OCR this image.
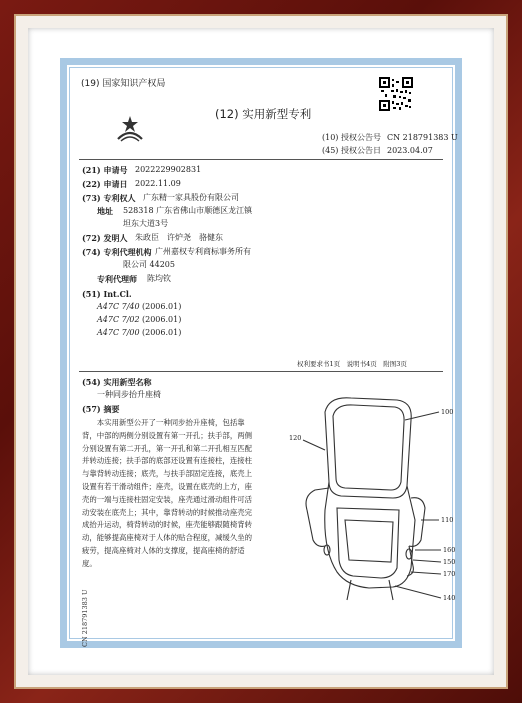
(19) 国家知识产权局
(12) 实用新型专利
(10) 授权公告号 CN 218791383 U
(45) 授权公告日 2023.04.07
(21) 申请号 2022229902831
(22) 申请日 2022.11.09
(73) 专利权人 广东精一家具股份有限公司
地址 528318 广东省佛山市顺德区龙江镇
坦东大道3号
(72) 发明人 朱政臣　许炉尧　骆健东
(74) 专利代理机构 广州嘉权专利商标事务所有
限公司 44205
专利代理师 陈均钦
(51) Int.Cl.
A47C 7/40 (2006.01)
A47C 7/02 (2006.01)
A47C 7/00 (2006.01)
权利要求书1页　说明书4页　附图3页
(54) 实用新型名称
一种同步抬升座椅
(57) 摘要
本实用新型公开了一种同步抬升座椅，包括靠背，中部的两侧分别设置有第一开孔；扶手部，两侧分别设置有第二开孔，第一开孔和第二开孔相互匹配并转动连接；扶手部的底部还设置有连接柱，连接柱与靠背转动连接；底壳，与扶手部固定连接，底壳上设置有若干滑动组件；座壳，设置在底壳的上方，座壳的一端与连接柱固定安装，座壳通过滑动组件可活动安装在底壳上；其中，靠背转动的时候推动座壳完成抬升运动，椅背转动的时候，座壳能够跟随椅背转动，能够提高座椅对于人体的贴合程度，减缓久坐的疲劳，提高座椅对人体的支撑度，提高座椅的舒适度。
100
120
110
160
150
170
140
CN 218791383 U
